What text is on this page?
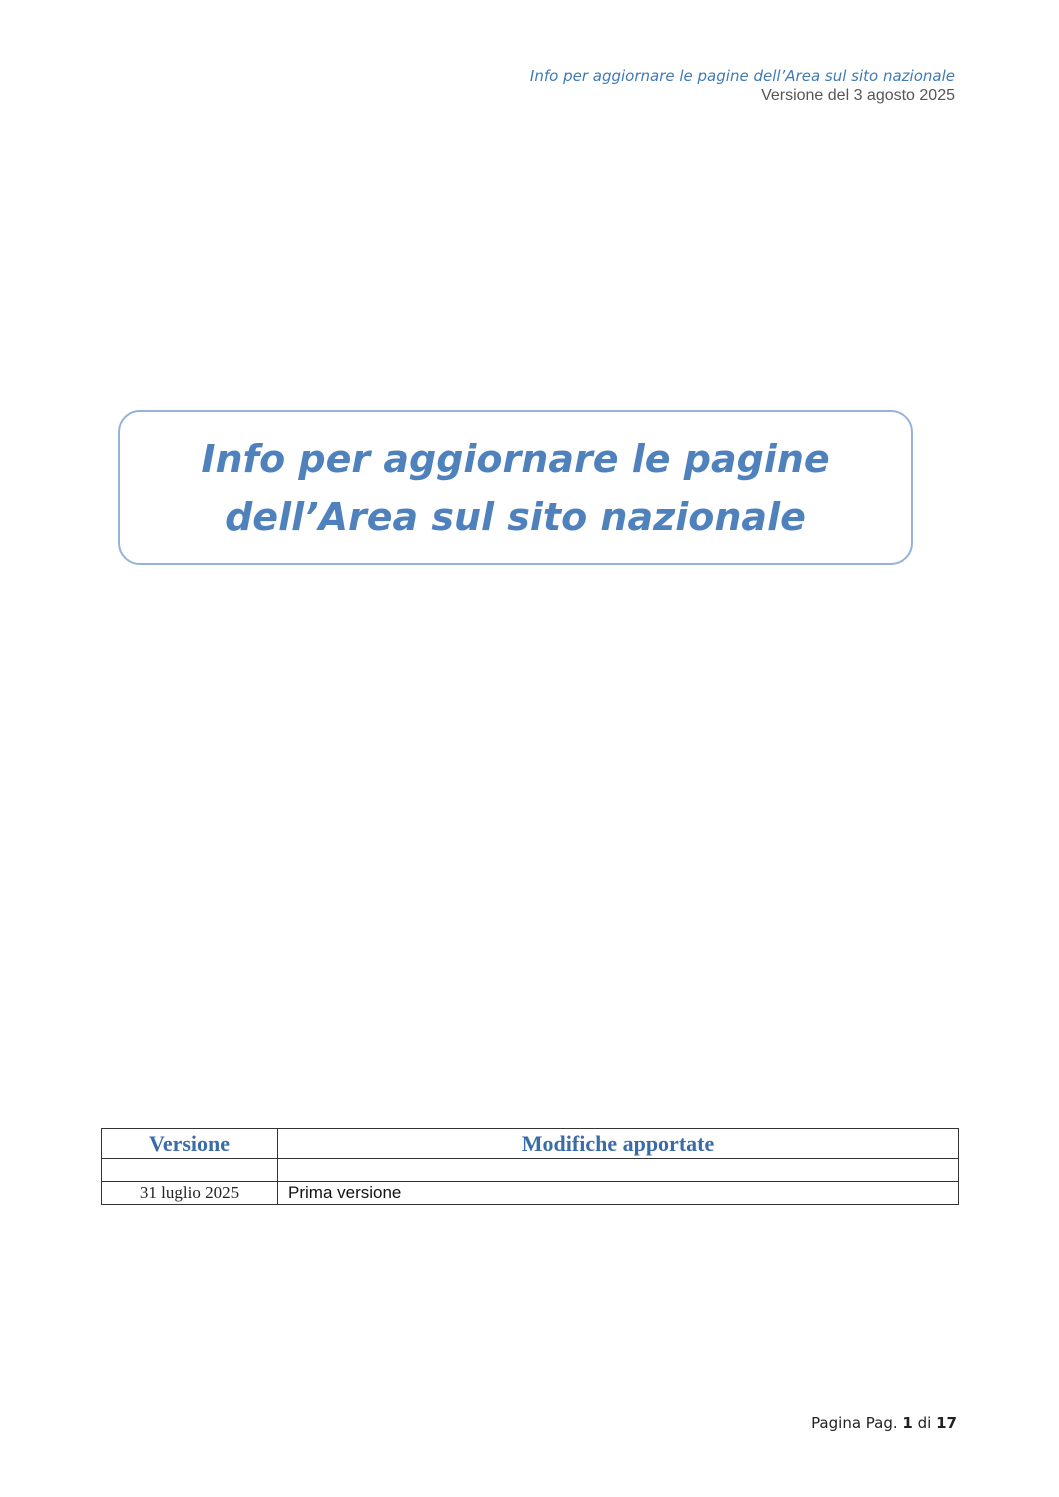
Info per aggiornare le pagine dell’Area sul sito nazionale
Versione del 3 agosto 2025
Info per aggiornare le pagine
dell’Area sul sito nazionale
Versione	Modifiche apportate

31 luglio 2025	Prima versione
Pagina Pag. 1 di 17
